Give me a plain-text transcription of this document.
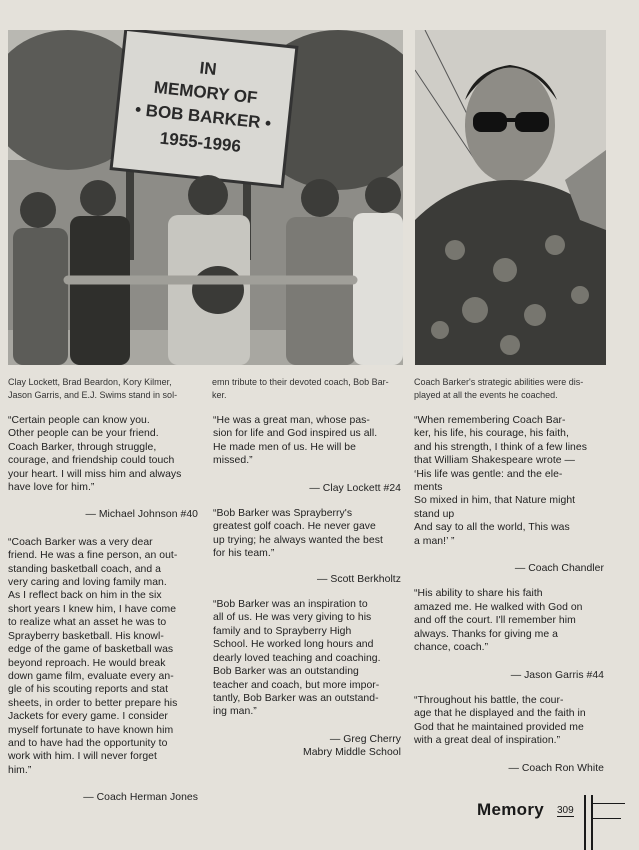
IN
MEMORY OF
• BOB BARKER •
1955-1996
Clay Lockett, Brad Beardon, Kory Kilmer,
Jason Garris, and E.J. Swims stand in sol-
emn tribute to their devoted coach, Bob Bar-
ker.
Coach Barker's strategic abilities were dis-
played at all the events he coached.

“Certain people can know you.
Other people can be your friend.
Coach Barker, through struggle,
courage, and friendship could touch
your heart. I will miss him and always
have love for him.”

— Michael Johnson #40

“Coach Barker was a very dear
friend. He was a fine person, an out-
standing basketball coach, and a
very caring and loving family man.
As I reflect back on him in the six
short years I knew him, I have come
to realize what an asset he was to
Sprayberry basketball. His knowl-
edge of the game of basketball was
beyond reproach. He would break
down game film, evaluate every an-
gle of his scouting reports and stat
sheets, in order to better prepare his
Jackets for every game. I consider
myself fortunate to have known him
and to have had the opportunity to
work with him. I will never forget
him.”

— Coach Herman Jones

“He was a great man, whose pas-
sion for life and God inspired us all.
He made men of us. He will be
missed.”

— Clay Lockett #24

“Bob Barker was Sprayberry's
greatest golf coach. He never gave
up trying; he always wanted the best
for his team.”

— Scott Berkholtz

“Bob Barker was an inspiration to
all of us. He was very giving to his
family and to Sprayberry High
School. He worked long hours and
dearly loved teaching and coaching.
Bob Barker was an outstanding
teacher and coach, but more impor-
tantly, Bob Barker was an outstand-
ing man.”

— Greg Cherry
Mabry Middle School

“When remembering Coach Bar-
ker, his life, his courage, his faith,
and his strength, I think of a few lines
that William Shakespeare wrote —
‘His life was gentle: and the ele-
ments
So mixed in him, that Nature might
stand up
And say to all the world, This was
a man!’ ”

— Coach Chandler

“His ability to share his faith
amazed me. He walked with God on
and off the court. I'll remember him
always. Thanks for giving me a
chance, coach.”

— Jason Garris #44

“Throughout his battle, the cour-
age that he displayed and the faith in
God that he maintained provided me
with a great deal of inspiration.”

— Coach Ron White

Memory 309
